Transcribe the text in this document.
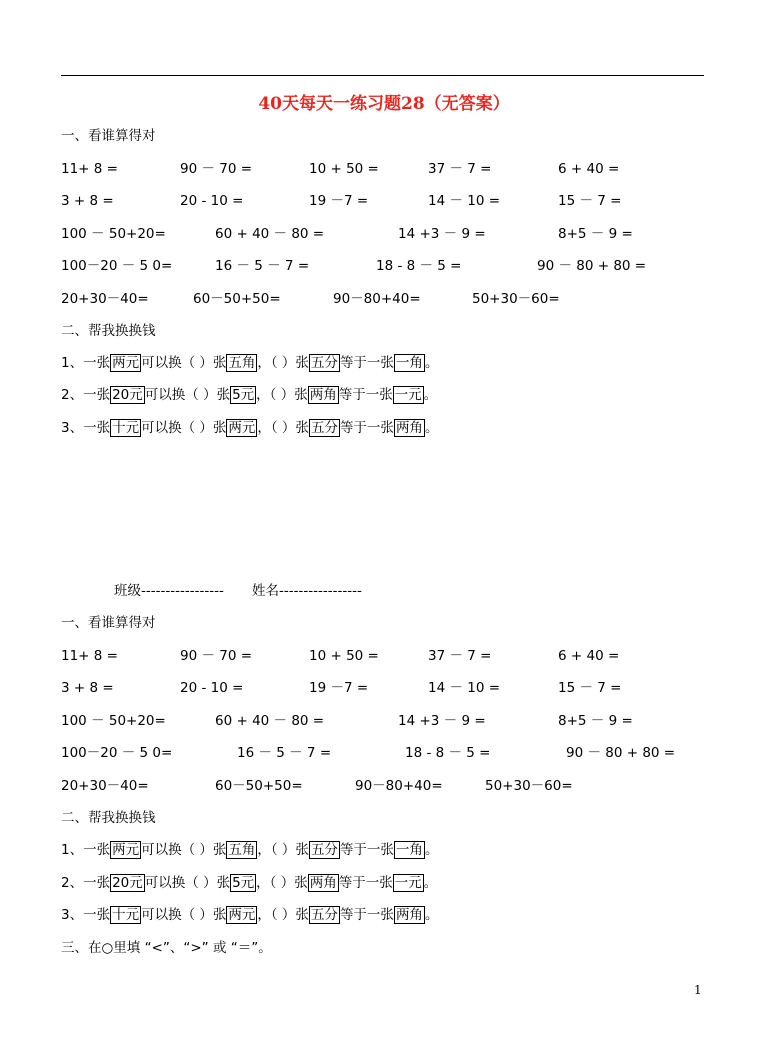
40天每天一练习题28（无答案）
一、看谁算得对
11+ 8 =	90 － 70 =	10 + 50 =	37 － 7 =	6 + 40 =
3 + 8 =	20 - 10 =	19 －7 =	14 － 10 =	15 － 7 =
100 － 50+20=	60 + 40 － 80 =	14 +3 － 9 =	8+5 － 9 =
100－20 － 5 0=	16 － 5 － 7 =	18 - 8 － 5 =	90 － 80 + 80 =
20+30－40=	60－50+50=	90－80+40=	50+30－60=
二、帮我换换钱
1、一张 两元 可以换（ ）张 五角 ，（ ）张 五分 等于一张 一角 。
2、一张 20元 可以换（ ）张 5元 ，（ ）张 两角 等于一张 一元 。
3、一张 十元 可以换（ ）张 两元 ，（ ）张 五分 等于一张 两角 。
班级----------------- 姓名-----------------
一、看谁算得对
11+ 8 =	90 － 70 =	10 + 50 =	37 － 7 =	6 + 40 =
3 + 8 =	20 - 10 =	19 －7 =	14 － 10 =	15 － 7 =
100 － 50+20=	60 + 40 － 80 =	14 +3 － 9 =	8+5 － 9 =
100－20 － 5 0=	16 － 5 － 7 =	18 - 8 － 5 =	90 － 80 + 80 =
20+30－40=	60－50+50=	90－80+40=	50+30－60=
二、帮我换换钱
1、一张 两元 可以换（ ）张 五角 ，（ ）张 五分 等于一张 一角 。
2、一张 20元 可以换（ ）张 5元 ，（ ）张 两角 等于一张 一元 。
3、一张 十元 可以换（ ）张 两元 ，（ ）张 五分 等于一张 两角 。
三、在○里填 “<”、“>” 或 “＝”。
1
